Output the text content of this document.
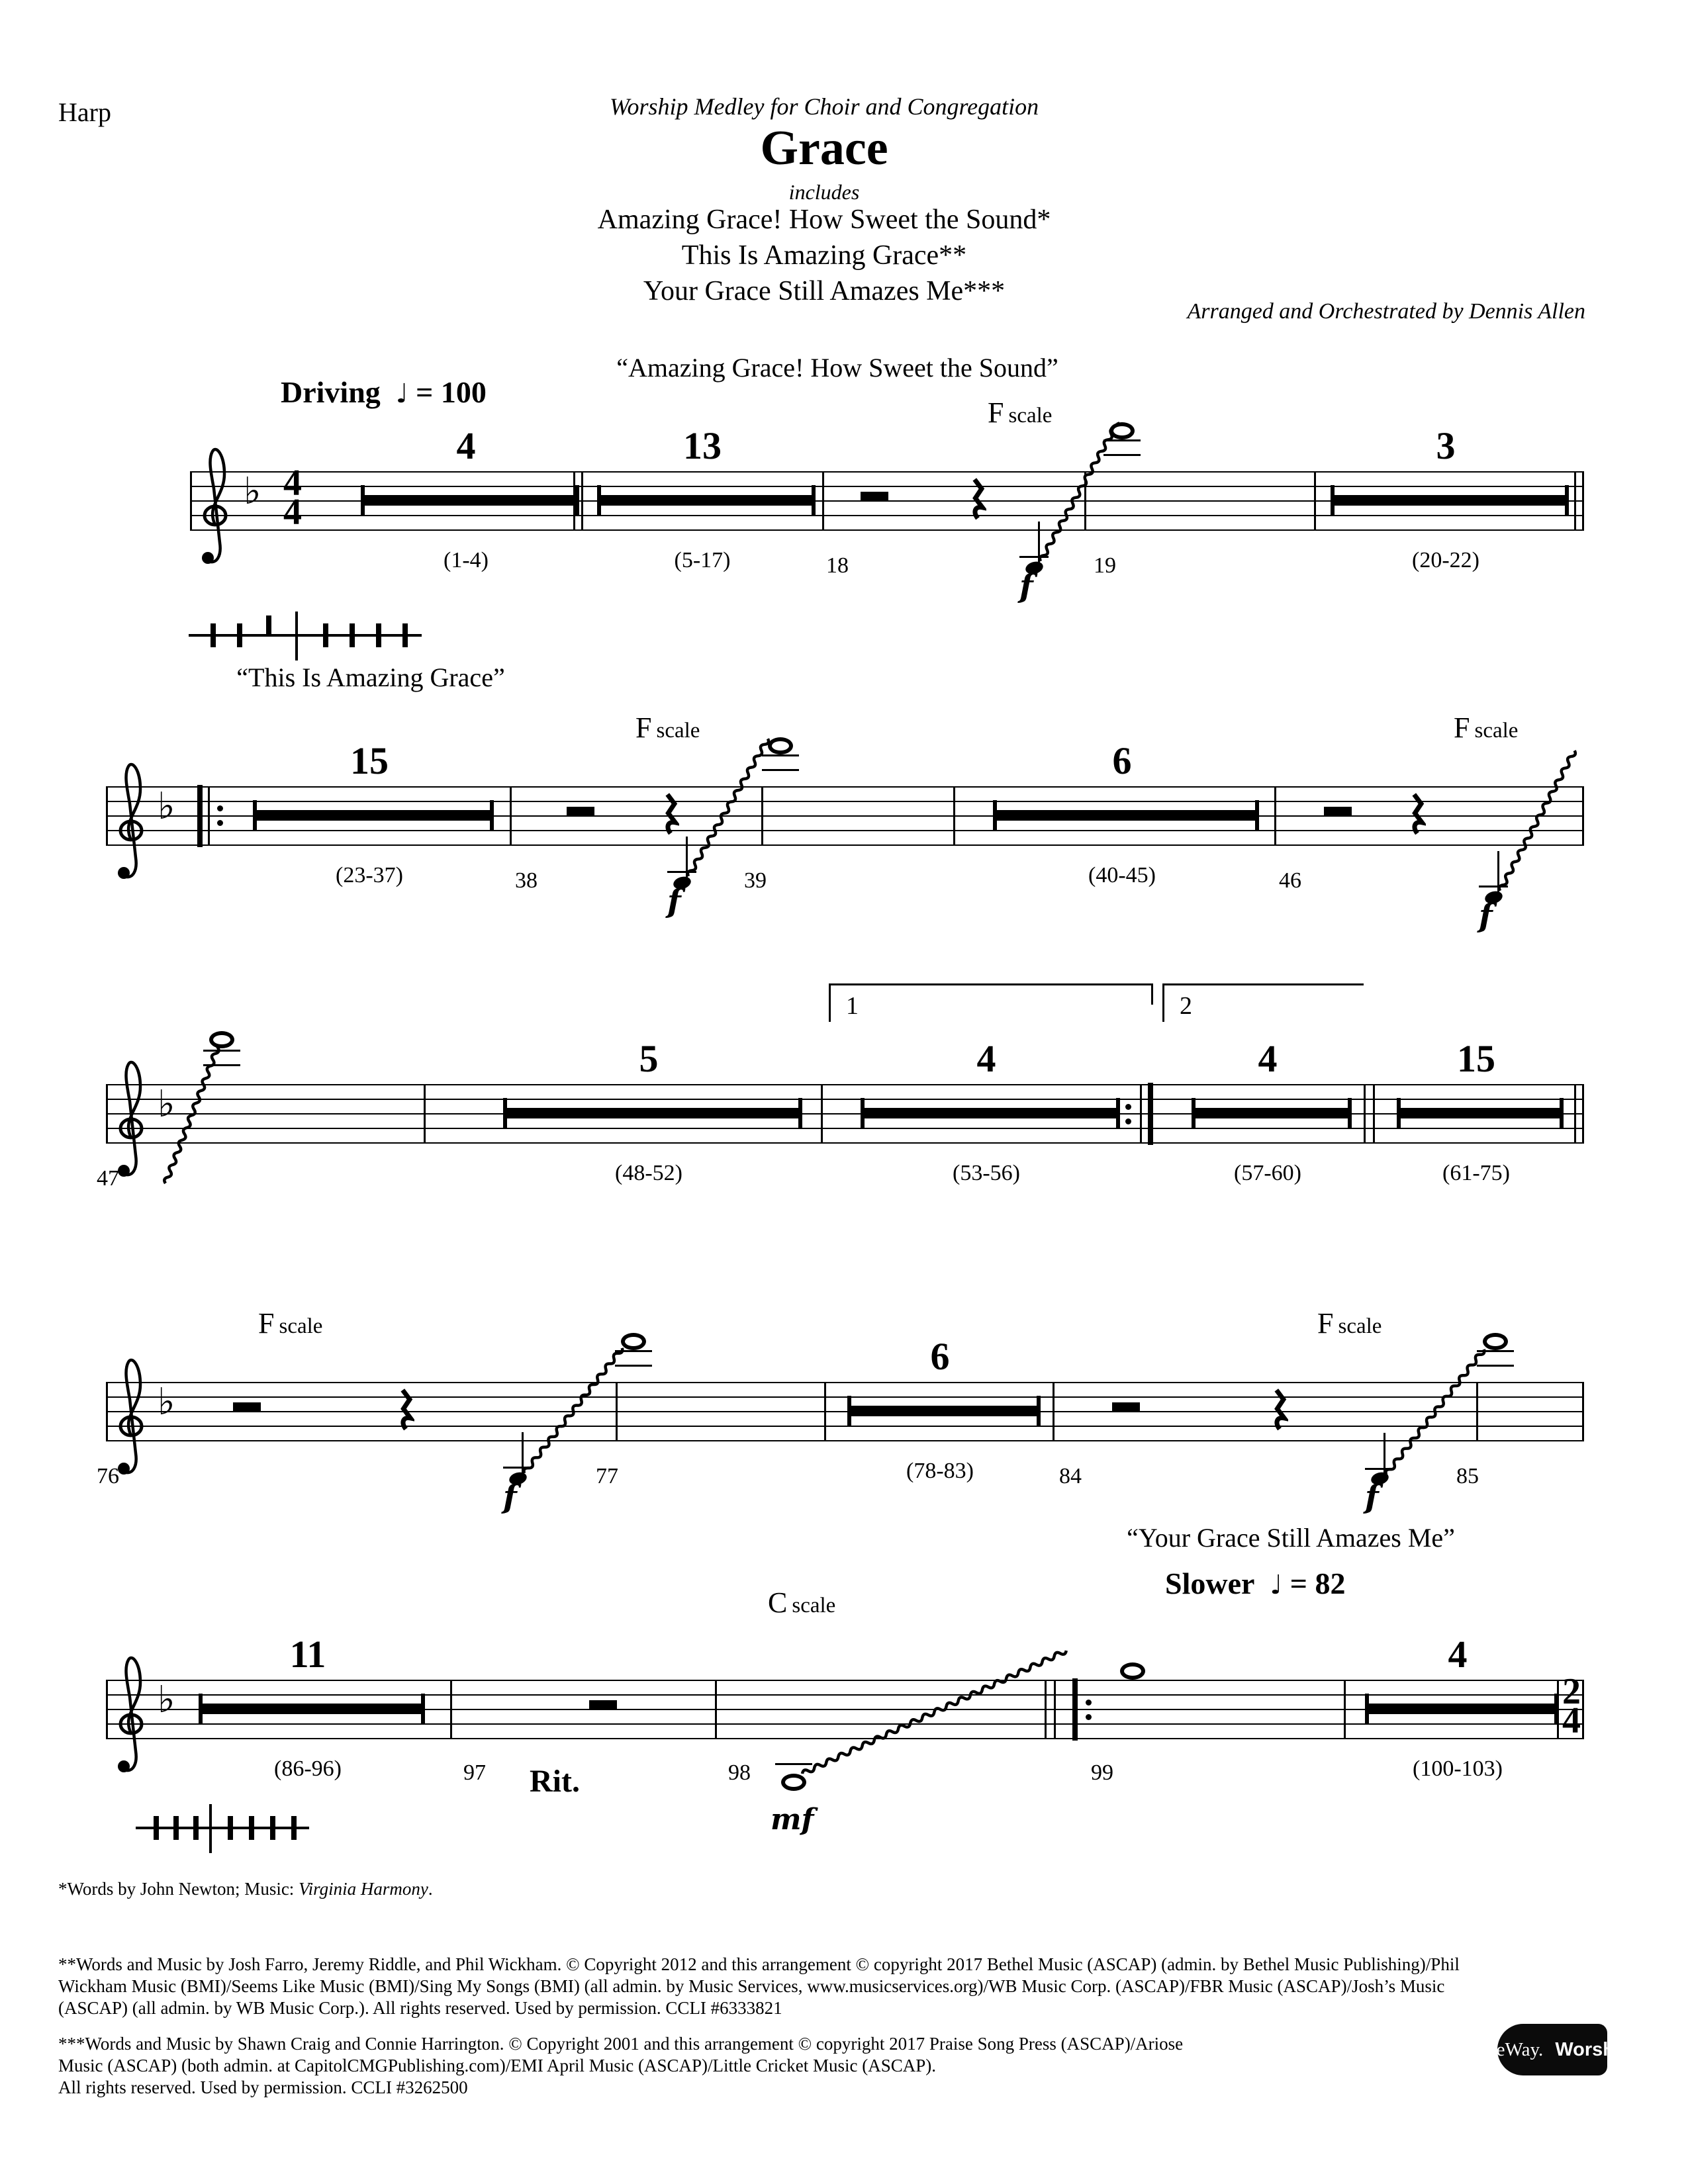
Harp	Worship Medley for Choir and Congregation
Grace
includes
Amazing Grace! How Sweet the Sound*
This Is Amazing Grace**
Your Grace Still Amazes Me***
Arranged and Orchestrated by Dennis Allen
Driving ♩ = 100
“Amazing Grace! How Sweet the Sound”
♭ 4
4
4
(1-4)
13
(5-17)	18
F scale
f
19
3
(20-22)
“This Is Amazing Grace”
♭
15
(23-37)	38
F scale
f
39
6
(40-45)	46
F scale
f
♭
47
5
(48-52)
1
4
(53-56)
2
4
(57-60)
15
(61-75)
♭
76
F scale
f
77
6
(78-83)	84
F scale
f
85
“Your Grace Still Amazes Me”
Slower ♩ = 82
C scale
♭
11
(86-96)	97 Rit.	98
mf
99
4
(100-103)
2
4
*Words by John Newton; Music: Virginia Harmony.
**Words and Music by Josh Farro, Jeremy Riddle, and Phil Wickham. © Copyright 2012 and this arrangement © copyright 2017 Bethel Music (ASCAP) (admin. by Bethel Music Publishing)/Phil
Wickham Music (BMI)/Seems Like Music (BMI)/Sing My Songs (BMI) (all admin. by Music Services, www.musicservices.org)/WB Music Corp. (ASCAP)/FBR Music (ASCAP)/Josh’s Music
(ASCAP) (all admin. by WB Music Corp.). All rights reserved. Used by permission. CCLI #6333821
***Words and Music by Shawn Craig and Connie Harrington. © Copyright 2001 and this arrangement © copyright 2017 Praise Song Press (ASCAP)/Ariose
Music (ASCAP) (both admin. at CapitolCMGPublishing.com)/EMI April Music (ASCAP)/Little Cricket Music (ASCAP).
All rights reserved. Used by permission. CCLI #3262500
LifeWay. Worship
